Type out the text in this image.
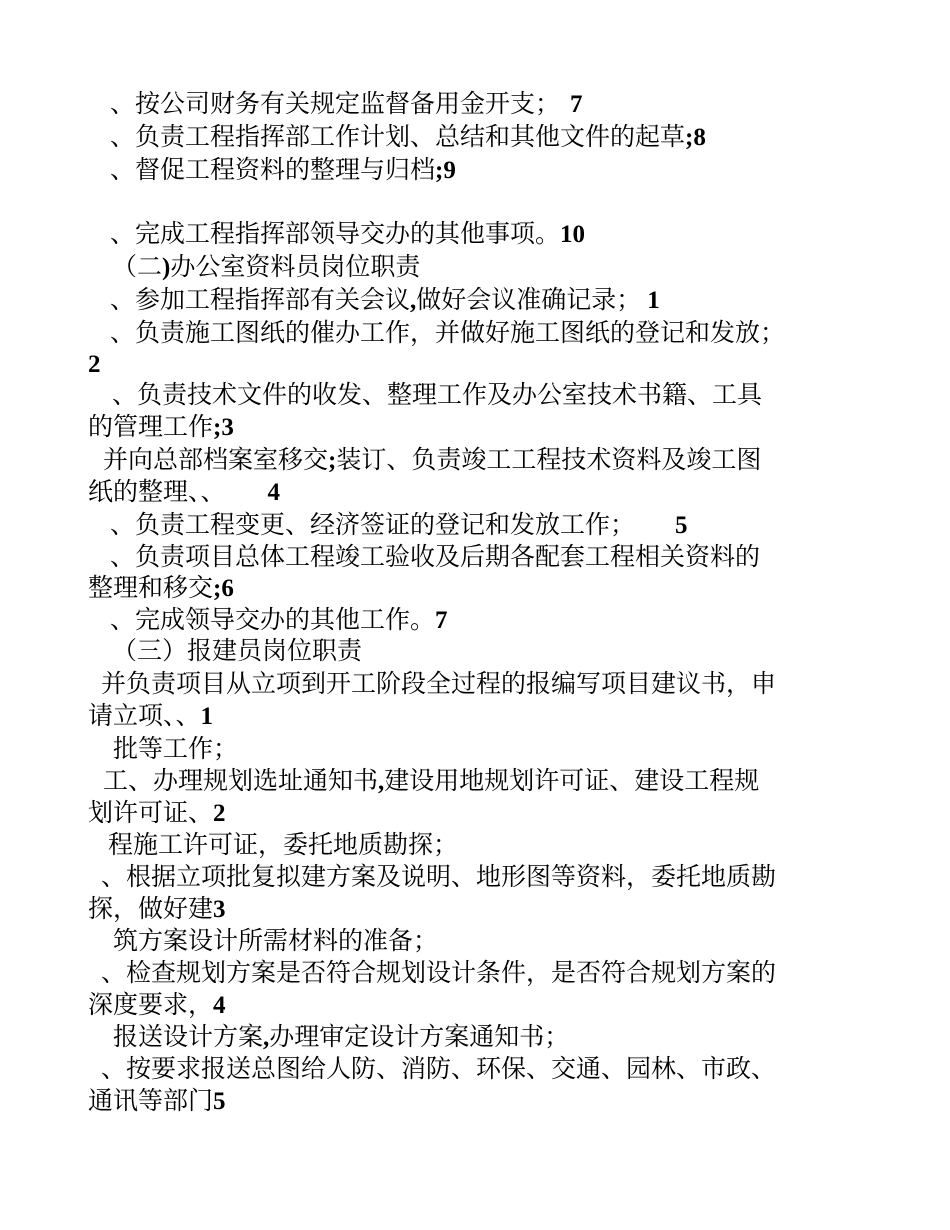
、按公司财务有关规定监督备用金开支； 7
、负责工程指挥部工作计划、总结和其他文件的起草;8
、督促工程资料的整理与归档;9
、完成工程指挥部领导交办的其他事项。10
（二)办公室资料员岗位职责
、参加工程指挥部有关会议,做好会议准确记录； 1
、负责施工图纸的催办工作，并做好施工图纸的登记和发放；
2
、负责技术文件的收发、整理工作及办公室技术书籍、工具
的管理工作;3
并向总部档案室移交;装订、负责竣工工程技术资料及竣工图
纸的整理、、 4
、负责工程变更、经济签证的登记和发放工作； 5
、负责项目总体工程竣工验收及后期各配套工程相关资料的
整理和移交;6
、完成领导交办的其他工作。7
（三）报建员岗位职责
并负责项目从立项到开工阶段全过程的报编写项目建议书，申
请立项、、1
批等工作；
工、办理规划选址通知书,建设用地规划许可证、建设工程规
划许可证、2
程施工许可证，委托地质勘探；
、根据立项批复拟建方案及说明、地形图等资料，委托地质勘
探，做好建3
筑方案设计所需材料的准备；
、检查规划方案是否符合规划设计条件，是否符合规划方案的
深度要求，4
报送设计方案,办理审定设计方案通知书；
、按要求报送总图给人防、消防、环保、交通、园林、市政、
通讯等部门5
